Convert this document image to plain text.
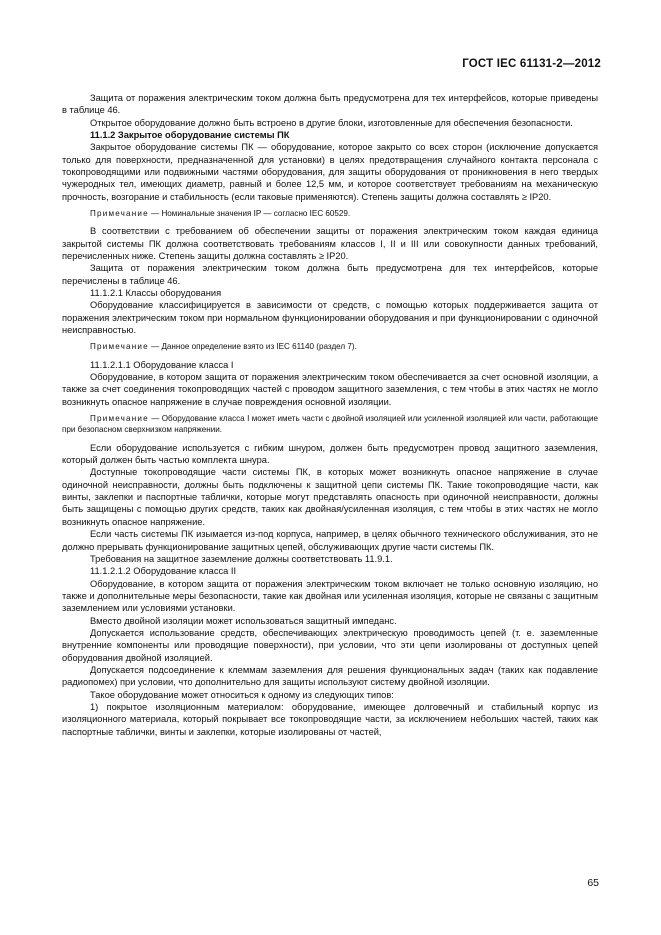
ГОСТ IEC 61131-2—2012

Защита от поражения электрическим током должна быть предусмотрена для тех интерфейсов, которые приведены в таблице 46.

Открытое оборудование должно быть встроено в другие блоки, изготовленные для обеспечения безопасности.

11.1.2 Закрытое оборудование системы ПК

Закрытое оборудование системы ПК — оборудование, которое закрыто со всех сторон (исключение допускается только для поверхности, предназначенной для установки) в целях предотвращения случайного контакта персонала с токопроводящими или подвижными частями оборудования, для защиты оборудования от проникновения в него твердых чужеродных тел, имеющих диаметр, равный и более 12,5 мм, и которое соответствует требованиям на механическую прочность, возгорание и стабильность (если таковые применяются). Степень защиты должна составлять ≥ IP20.

Примечание — Номинальные значения IP — согласно IEC 60529.

В соответствии с требованием об обеспечении защиты от поражения электрическим током каждая единица закрытой системы ПК должна соответствовать требованиям классов I, II и III или совокупности данных требований, перечисленных ниже. Степень защиты должна составлять ≥ IP20.

Защита от поражения электрическим током должна быть предусмотрена для тех интерфейсов, которые перечислены в таблице 46.

11.1.2.1 Классы оборудования

Оборудование классифицируется в зависимости от средств, с помощью которых поддерживается защита от поражения электрическим током при нормальном функционировании оборудования и при функционировании с одиночной неисправностью.

Примечание — Данное определение взято из IEC 61140 (раздел 7).

11.1.2.1.1 Оборудование класса I

Оборудование, в котором защита от поражения электрическим током обеспечивается за счет основной изоляции, а также за счет соединения токопроводящих частей с проводом защитного заземления, с тем чтобы в этих частях не могло возникнуть опасное напряжение в случае повреждения основной изоляции.

Примечание — Оборудование класса I может иметь части с двойной изоляцией или усиленной изоляцией или части, работающие при безопасном сверхнизком напряжении.

Если оборудование используется с гибким шнуром, должен быть предусмотрен провод защитного заземления, который должен быть частью комплекта шнура.

Доступные токопроводящие части системы ПК, в которых может возникнуть опасное напряжение в случае одиночной неисправности, должны быть подключены к защитной цепи системы ПК. Такие токопроводящие части, как винты, заклепки и паспортные таблички, которые могут представлять опасность при одиночной неисправности, должны быть защищены с помощью других средств, таких как двойная/усиленная изоляция, с тем чтобы в этих частях не могло возникнуть опасное напряжение.

Если часть системы ПК изымается из-под корпуса, например, в целях обычного технического обслуживания, это не должно прерывать функционирование защитных цепей, обслуживающих другие части системы ПК.

Требования на защитное заземление должны соответствовать 11.9.1.

11.1.2.1.2 Оборудование класса II

Оборудование, в котором защита от поражения электрическим током включает не только основную изоляцию, но также и дополнительные меры безопасности, такие как двойная или усиленная изоляция, которые не связаны с защитным заземлением или условиями установки.

Вместо двойной изоляции может использоваться защитный импеданс.

Допускается использование средств, обеспечивающих электрическую проводимость цепей (т. е. заземленные внутренние компоненты или проводящие поверхности), при условии, что эти цепи изолированы от доступных цепей оборудования двойной изоляцией.

Допускается подсоединение к клеммам заземления для решения функциональных задач (таких как подавление радиопомех) при условии, что дополнительно для защиты используют систему двойной изоляции.

Такое оборудование может относиться к одному из следующих типов:

1) покрытое изоляционным материалом: оборудование, имеющее долговечный и стабильный корпус из изоляционного материала, который покрывает все токопроводящие части, за исключением небольших частей, таких как паспортные таблички, винты и заклепки, которые изолированы от частей,

65
